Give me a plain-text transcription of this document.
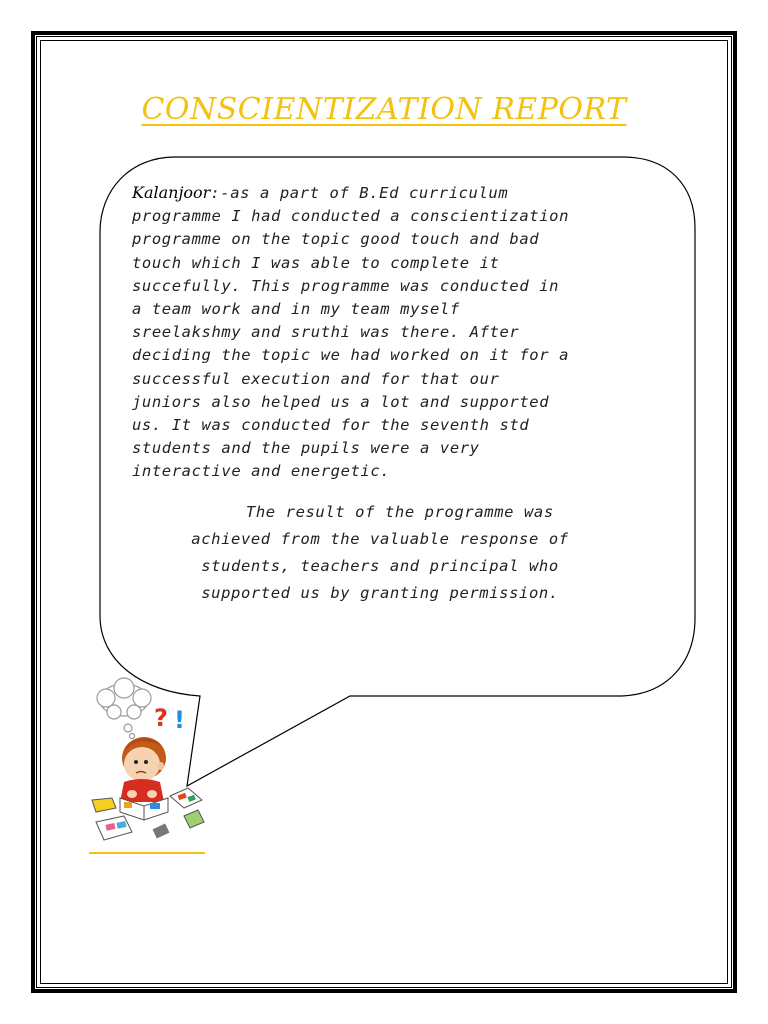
CONSCIENTIZATION REPORT
Kalanjoor:-as a part of B.Ed curriculum
programme I had conducted a conscientization
programme on the topic good touch and bad
touch which I was able to complete it
succefully. This programme was conducted in
a team work and in my team myself
sreelakshmy and sruthi was there. After
deciding the topic we had worked on it for a
successful execution and for that our
juniors also helped us a lot and supported
us. It was conducted for the seventh std
students and the pupils were a very
interactive and energetic.
The result of the programme was
achieved from the valuable response of
students, teachers and principal who
supported us by granting permission.
? !
